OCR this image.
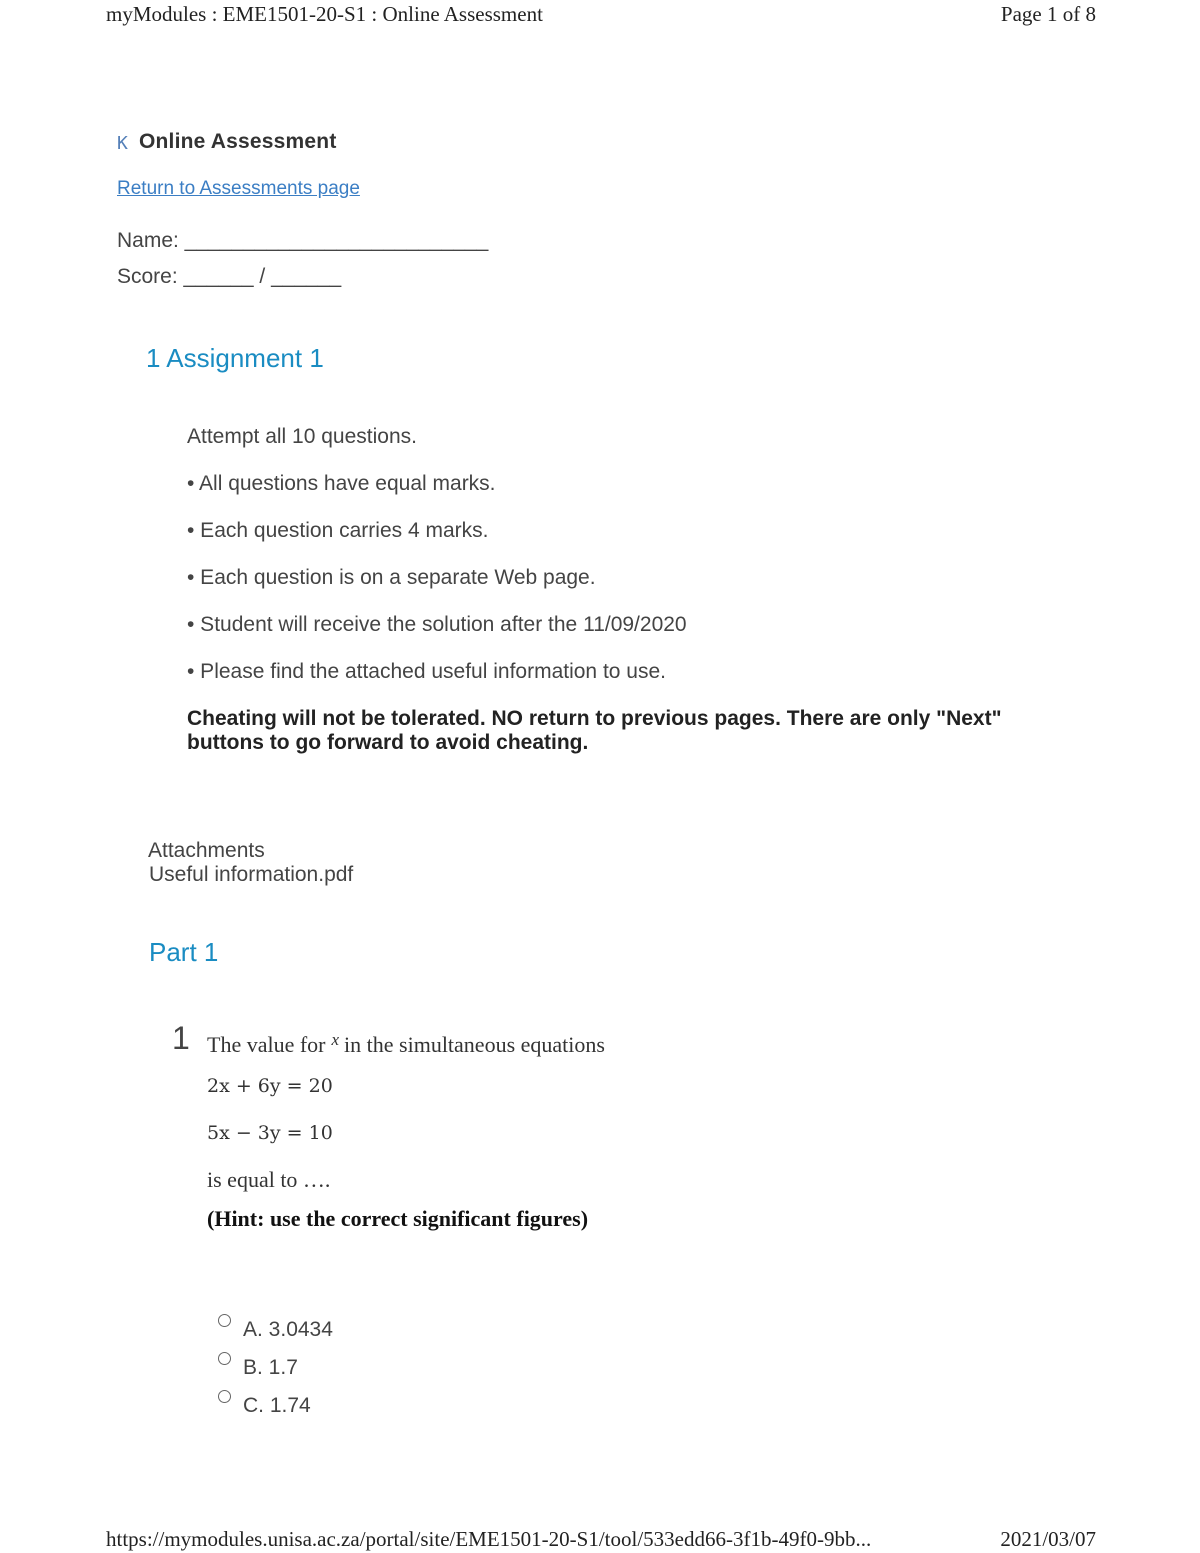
myModules : EME1501-20-S1 : Online Assessment	Page 1 of 8
K Online Assessment
Return to Assessments page
Name: __________________________
Score: ______ / ______
1 Assignment 1
Attempt all 10 questions.
• All questions have equal marks.
• Each question carries 4 marks.
• Each question is on a separate Web page.
• Student will receive the solution after the 11/09/2020
• Please find the attached useful information to use.
Cheating will not be tolerated. NO return to previous pages. There are only "Next" buttons to go forward to avoid cheating.
Attachments
Useful information.pdf
Part 1
1 The value for $^x$ in the simultaneous equations
2x + 6y = 20
5x − 3y = 10
is equal to ….
(Hint: use the correct significant figures)
A. 3.0434
B. 1.7
C. 1.74
https://mymodules.unisa.ac.za/portal/site/EME1501-20-S1/tool/533edd66-3f1b-49f0-9bb...	2021/03/07
